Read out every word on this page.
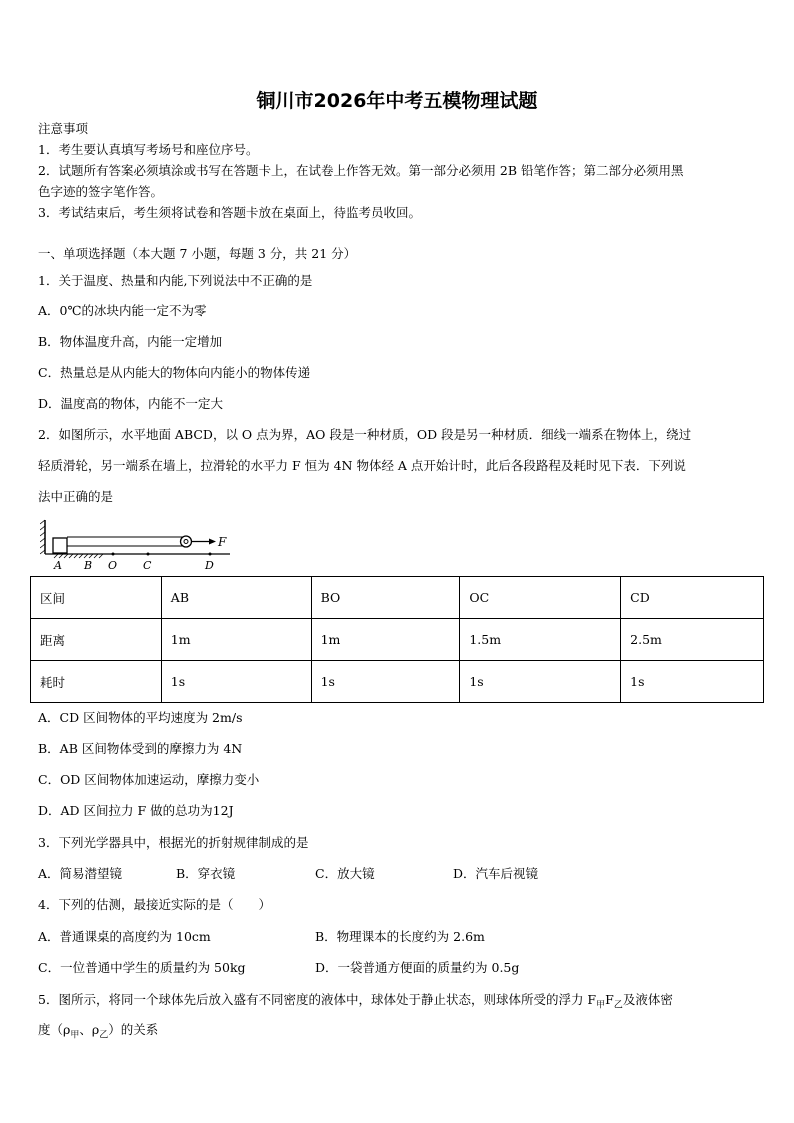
铜川市2026年中考五模物理试题
注意事项
1．考生要认真填写考场号和座位序号。
2．试题所有答案必须填涂或书写在答题卡上，在试卷上作答无效。第一部分必须用 2B 铅笔作答；第二部分必须用黑
色字迹的签字笔作答。
3．考试结束后，考生须将试卷和答题卡放在桌面上，待监考员收回。
一、单项选择题（本大题 7 小题，每题 3 分，共 21 分）
1．关于温度、热量和内能,下列说法中不正确的是
A．0℃的冰块内能一定不为零
B．物体温度升高，内能一定增加
C．热量总是从内能大的物体向内能小的物体传递
D．温度高的物体，内能不一定大
2．如图所示，水平地面 ABCD，以 O 点为界，AO 段是一种材质，OD 段是另一种材质．细线一端系在物体上，绕过
轻质滑轮，另一端系在墙上，拉滑轮的水平力 F 恒为 4N 物体经 A 点开始计时，此后各段路程及耗时见下表．下列说
法中正确的是
F
A B O C	D
区间	AB	BO	OC	CD
距离	1m	1m	1.5m	2.5m
耗时	1s	1s	1s	1s
A．CD 区间物体的平均速度为 2m/s
B．AB 区间物体受到的摩擦力为 4N
C．OD 区间物体加速运动，摩擦力变小
D．AD 区间拉力 F 做的总功为12J
3．下列光学器具中，根据光的折射规律制成的是
A．简易潜望镜	B．穿衣镜	C．放大镜	D．汽车后视镜
4．下列的估测，最接近实际的是（　　）
A．普通课桌的高度约为 10cm	B．物理课本的长度约为 2.6m
C．一位普通中学生的质量约为 50kg	D．一袋普通方便面的质量约为 0.5g
5．图所示，将同一个球体先后放入盛有不同密度的液体中，球体处于静止状态，则球体所受的浮力 $F_甲F_乙$及液体密
度（$\rho_甲$、$\rho_乙$）的关系
